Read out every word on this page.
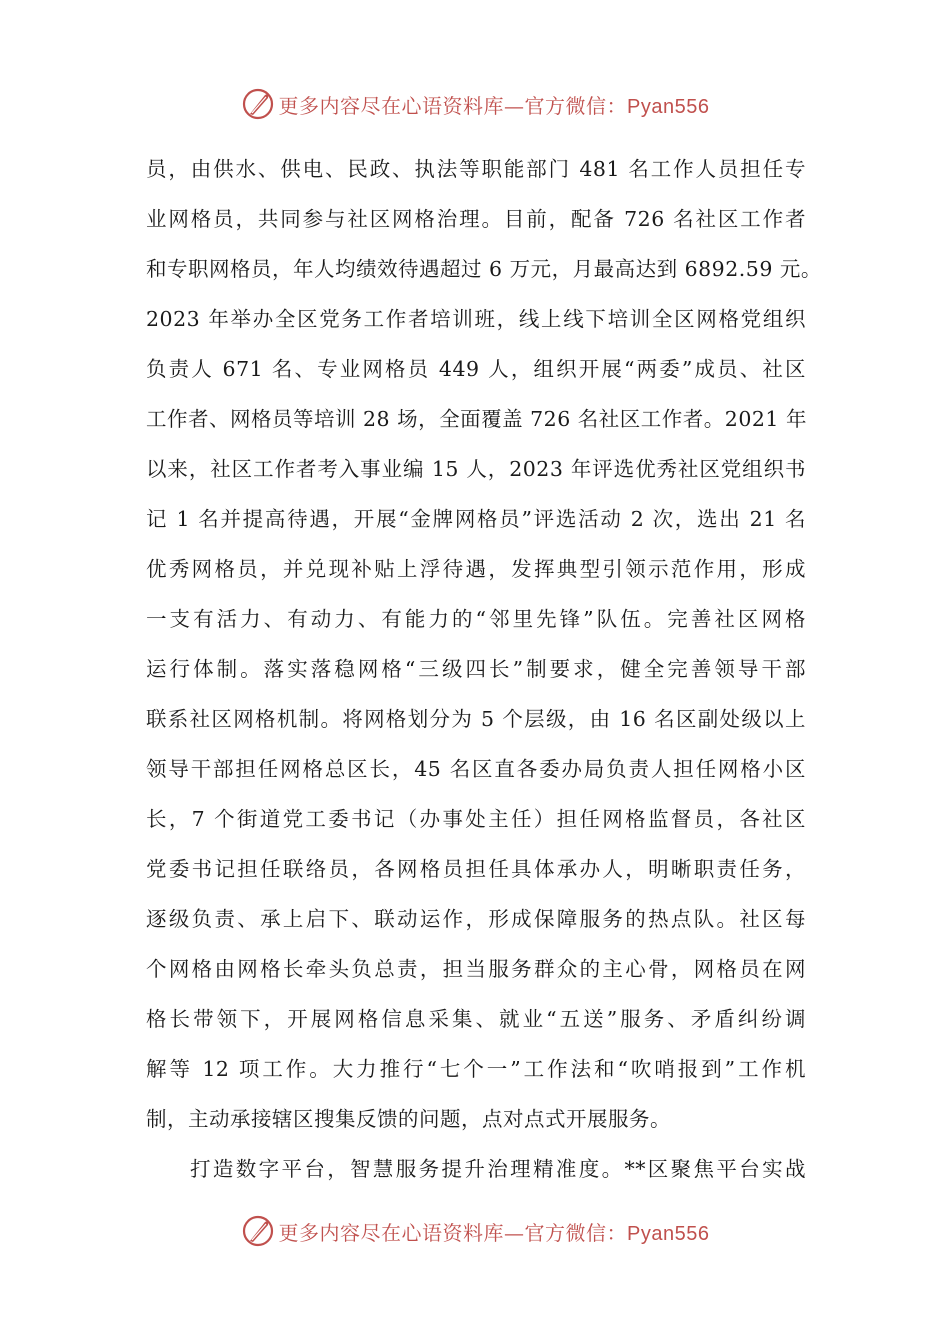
更多内容尽在心语资料库—官方微信：Pyan556
员，由供水、供电、民政、执法等职能部门 481 名工作人员担任专
业网格员，共同参与社区网格治理。目前，配备 726 名社区工作者
和专职网格员，年人均绩效待遇超过 6 万元，月最高达到 6892.59 元。
2023 年举办全区党务工作者培训班，线上线下培训全区网格党组织
负责人 671 名、专业网格员 449 人，组织开展“两委”成员、社区
工作者、网格员等培训 28 场，全面覆盖 726 名社区工作者。2021 年
以来，社区工作者考入事业编 15 人，2023 年评选优秀社区党组织书
记 1 名并提高待遇，开展“金牌网格员”评选活动 2 次，选出 21 名
优秀网格员，并兑现补贴上浮待遇，发挥典型引领示范作用，形成
一支有活力、有动力、有能力的“邻里先锋”队伍。完善社区网格
运行体制。落实落稳网格“三级四长”制要求，健全完善领导干部
联系社区网格机制。将网格划分为 5 个层级，由 16 名区副处级以上
领导干部担任网格总区长，45 名区直各委办局负责人担任网格小区
长，7 个街道党工委书记（办事处主任）担任网格监督员，各社区
党委书记担任联络员，各网格员担任具体承办人，明晰职责任务，
逐级负责、承上启下、联动运作，形成保障服务的热点队。社区每
个网格由网格长牵头负总责，担当服务群众的主心骨，网格员在网
格长带领下，开展网格信息采集、就业“五送”服务、矛盾纠纷调
解等 12 项工作。大力推行“七个一”工作法和“吹哨报到”工作机
制，主动承接辖区搜集反馈的问题，点对点式开展服务。
打造数字平台，智慧服务提升治理精准度。**区聚焦平台实战
更多内容尽在心语资料库—官方微信：Pyan556
